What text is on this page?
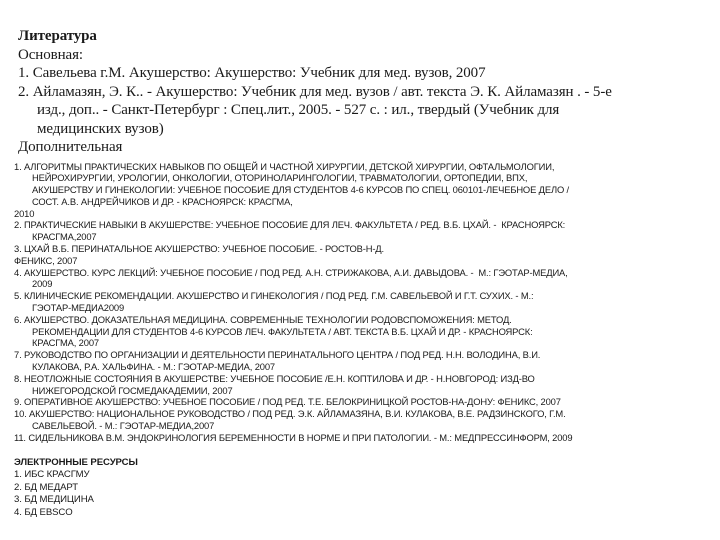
Литература
Основная:
1. Савельева г.М. Акушерство: Акушерство: Учебник для мед. вузов, 2007
2. Айламазян, Э. К.. - Акушерство: Учебник для мед. вузов / авт. текста Э. К. Айламазян . - 5-е
изд., доп.. - Санкт-Петербург : Спец.лит., 2005. - 527 с. : ил., твердый (Учебник для
медицинских вузов)
Дополнительная
1. АЛГОРИТМЫ ПРАКТИЧЕСКИХ НАВЫКОВ ПО ОБЩЕЙ И ЧАСТНОЙ ХИРУРГИИ, ДЕТСКОЙ ХИРУРГИИ, ОФТАЛЬМОЛОГИИ,
НЕЙРОХИРУРГИИ, УРОЛОГИИ, ОНКОЛОГИИ, ОТОРИНОЛАРИНГОЛОГИИ, ТРАВМАТОЛОГИИ, ОРТОПЕДИИ, ВПХ,
АКУШЕРСТВУ И ГИНЕКОЛОГИИ: УЧЕБНОЕ ПОСОБИЕ ДЛЯ СТУДЕНТОВ 4-6 КУРСОВ ПО СПЕЦ. 060101-ЛЕЧЕБНОЕ ДЕЛО /
СОСТ. А.В. АНДРЕЙЧИКОВ И ДР. - КРАСНОЯРСК: КРАСГМА,
2010
2. ПРАКТИЧЕСКИЕ НАВЫКИ В АКУШЕРСТВЕ: УЧЕБНОЕ ПОСОБИЕ ДЛЯ ЛЕЧ. ФАКУЛЬТЕТА / РЕД. В.Б. ЦХАЙ. -  КРАСНОЯРСК:
КРАСГМА,2007
3. ЦХАЙ В.Б. ПЕРИНАТАЛЬНОЕ АКУШЕРСТВО: УЧЕБНОЕ ПОСОБИЕ. - РОСТОВ-Н-Д.
ФЕНИКС, 2007
4. АКУШЕРСТВО. КУРС ЛЕКЦИЙ: УЧЕБНОЕ ПОСОБИЕ / ПОД РЕД. А.Н. СТРИЖАКОВА, А.И. ДАВЫДОВА. -  М.: ГЭОТАР-МЕДИА,
2009
5. КЛИНИЧЕСКИЕ РЕКОМЕНДАЦИИ. АКУШЕРСТВО И ГИНЕКОЛОГИЯ / ПОД РЕД. Г.М. САВЕЛЬЕВОЙ И Г.Т. СУХИХ. - М.:
ГЭОТАР-МЕДИА2009
6. АКУШЕРСТВО. ДОКАЗАТЕЛЬНАЯ МЕДИЦИНА. СОВРЕМЕННЫЕ ТЕХНОЛОГИИ РОДОВСПОМОЖЕНИЯ: МЕТОД.
РЕКОМЕНДАЦИИ ДЛЯ СТУДЕНТОВ 4-6 КУРСОВ ЛЕЧ. ФАКУЛЬТЕТА / АВТ. ТЕКСТА В.Б. ЦХАЙ И ДР. - КРАСНОЯРСК:
КРАСГМА, 2007
7. РУКОВОДСТВО ПО ОРГАНИЗАЦИИ И ДЕЯТЕЛЬНОСТИ ПЕРИНАТАЛЬНОГО ЦЕНТРА / ПОД РЕД. Н.Н. ВОЛОДИНА, В.И.
КУЛАКОВА, Р.А. ХАЛЬФИНА. - М.: ГЭОТАР-МЕДИА, 2007
8. НЕОТЛОЖНЫЕ СОСТОЯНИЯ В АКУШЕРСТВЕ: УЧЕБНОЕ ПОСОБИЕ /Е.Н. КОПТИЛОВА И ДР. - Н.НОВГОРОД: ИЗД-ВО
НИЖЕГОРОДСКОЙ ГОСМЕДАКАДЕМИИ, 2007
9. ОПЕРАТИВНОЕ АКУШЕРСТВО: УЧЕБНОЕ ПОСОБИЕ / ПОД РЕД. Т.Е. БЕЛОКРИНИЦКОЙ РОСТОВ-НА-ДОНУ: ФЕНИКС, 2007
10. АКУШЕРСТВО: НАЦИОНАЛЬНОЕ РУКОВОДСТВО / ПОД РЕД. Э.К. АЙЛАМАЗЯНА, В.И. КУЛАКОВА, В.Е. РАДЗИНСКОГО, Г.М.
САВЕЛЬЕВОЙ. - М.: ГЭОТАР-МЕДИА,2007
11. СИДЕЛЬНИКОВА В.М. ЭНДОКРИНОЛОГИЯ БЕРЕМЕННОСТИ В НОРМЕ И ПРИ ПАТОЛОГИИ. - М.: МЕДПРЕССИНФОРМ, 2009
ЭЛЕКТРОННЫЕ РЕСУРСЫ
1. ИБС КРАСГМУ
2. БД МЕДАРТ
3. БД МЕДИЦИНА
4. БД EBSCO
